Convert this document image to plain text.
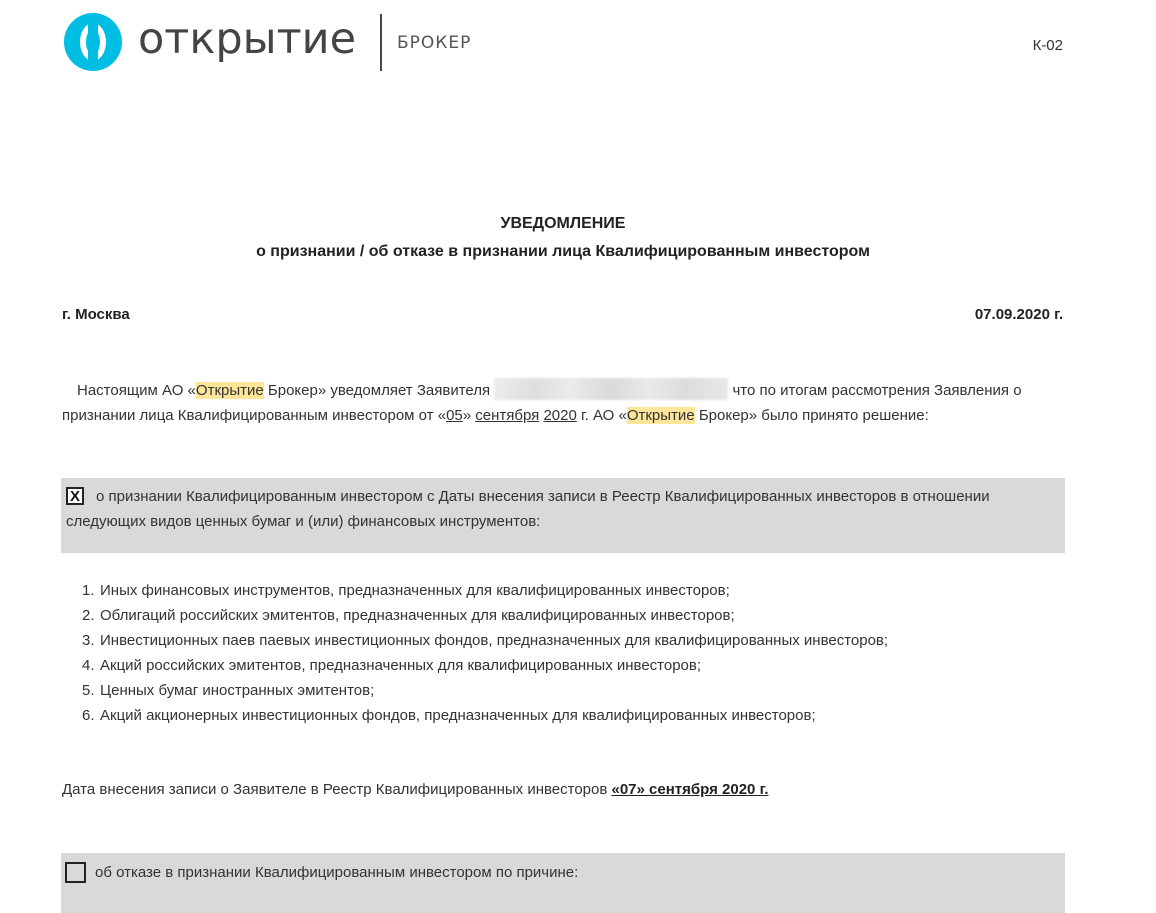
открытие БРОКЕР	К-02
УВЕДОМЛЕНИЕ
о признании / об отказе в признании лица Квалифицированным инвестором
г. Москва	07.09.2020 г.
Настоящим АО «Открытие Брокер» уведомляет Заявителя	что по итогам рассмотрения Заявления о признании лица Квалифицированным инвестором от «05» сентября 2020 г. АО «Открытие Брокер» было принято решение:
X	о признании Квалифицированным инвестором с Даты внесения записи в Реестр Квалифицированных инвесторов в отношении следующих видов ценных бумаг и (или) финансовых инструментов:
1. Иных финансовых инструментов, предназначенных для квалифицированных инвесторов;
2. Облигаций российских эмитентов, предназначенных для квалифицированных инвесторов;
3. Инвестиционных паев паевых инвестиционных фондов, предназначенных для квалифицированных инвесторов;
4. Акций российских эмитентов, предназначенных для квалифицированных инвесторов;
5. Ценных бумаг иностранных эмитентов;
6. Акций акционерных инвестиционных фондов, предназначенных для квалифицированных инвесторов;
Дата внесения записи о Заявителе в Реестр Квалифицированных инвесторов «07» сентября 2020 г.
об отказе в признании Квалифицированным инвестором по причине:
